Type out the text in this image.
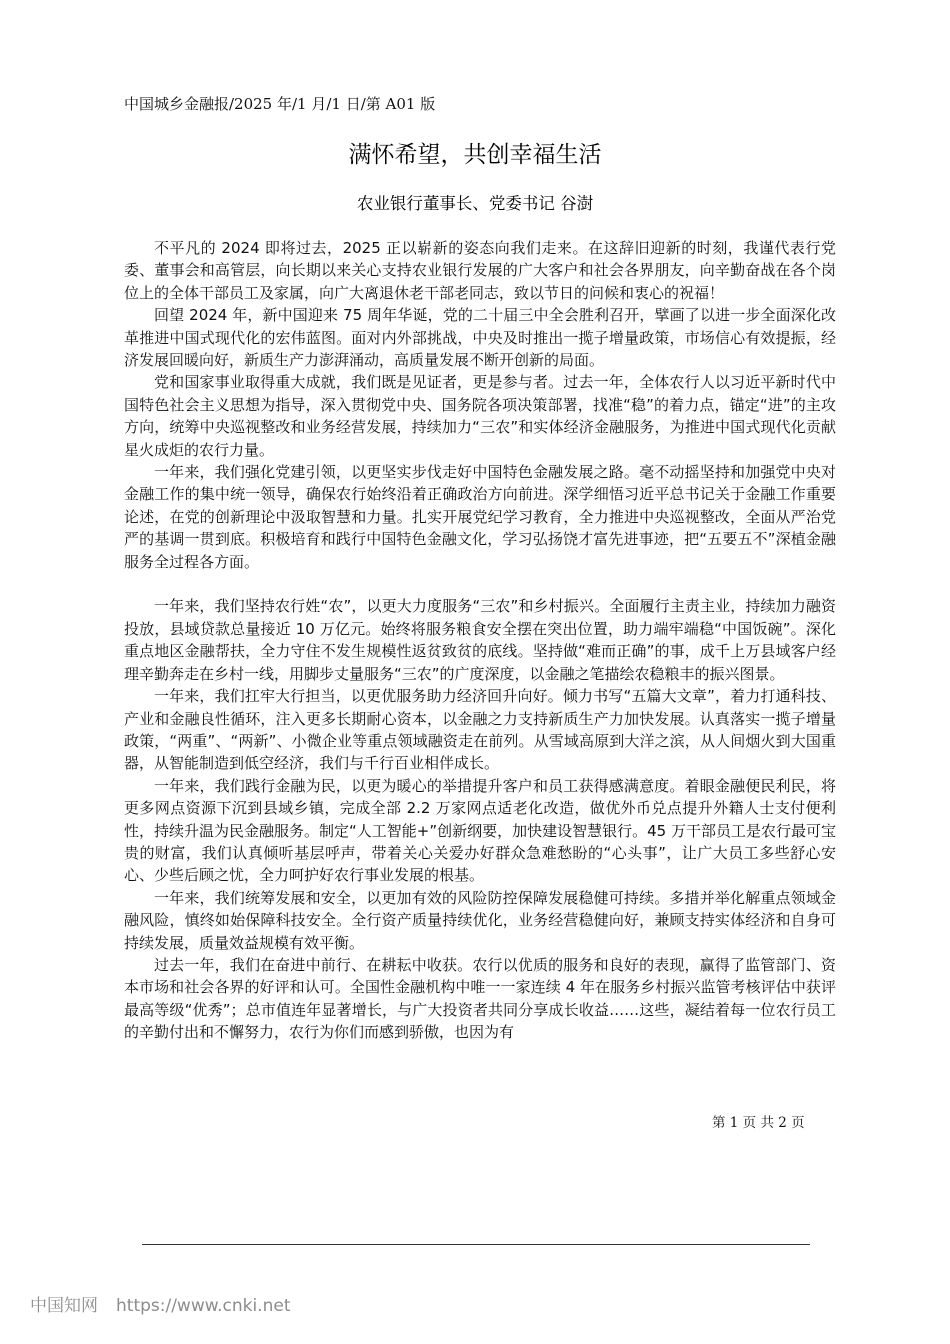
中国城乡金融报/2025 年/1 月/1 日/第 A01 版
满怀希望，共创幸福生活
农业银行董事长、党委书记 谷澍

不平凡的 2024 即将过去，2025 正以崭新的姿态向我们走来。在这辞旧迎新的时刻，我谨代表行党委、董事会和高管层，向长期以来关心支持农业银行发展的广大客户和社会各界朋友，向辛勤奋战在各个岗位上的全体干部员工及家属，向广大离退休老干部老同志，致以节日的问候和衷心的祝福！

回望 2024 年，新中国迎来 75 周年华诞，党的二十届三中全会胜利召开，擘画了以进一步全面深化改革推进中国式现代化的宏伟蓝图。面对内外部挑战，中央及时推出一揽子增量政策，市场信心有效提振，经济发展回暖向好，新质生产力澎湃涌动，高质量发展不断开创新的局面。

党和国家事业取得重大成就，我们既是见证者，更是参与者。过去一年，全体农行人以习近平新时代中国特色社会主义思想为指导，深入贯彻党中央、国务院各项决策部署，找准“稳”的着力点，锚定“进”的主攻方向，统筹中央巡视整改和业务经营发展，持续加力“三农”和实体经济金融服务，为推进中国式现代化贡献星火成炬的农行力量。

一年来，我们强化党建引领，以更坚实步伐走好中国特色金融发展之路。毫不动摇坚持和加强党中央对金融工作的集中统一领导，确保农行始终沿着正确政治方向前进。深学细悟习近平总书记关于金融工作重要论述，在党的创新理论中汲取智慧和力量。扎实开展党纪学习教育，全力推进中央巡视整改，全面从严治党严的基调一贯到底。积极培育和践行中国特色金融文化，学习弘扬饶才富先进事迹，把“五要五不”深植金融服务全过程各方面。

一年来，我们坚持农行姓“农”，以更大力度服务“三农”和乡村振兴。全面履行主责主业，持续加力融资投放，县域贷款总量接近 10 万亿元。始终将服务粮食安全摆在突出位置，助力端牢端稳“中国饭碗”。深化重点地区金融帮扶，全力守住不发生规模性返贫致贫的底线。坚持做“难而正确”的事，成千上万县域客户经理辛勤奔走在乡村一线，用脚步丈量服务“三农”的广度深度，以金融之笔描绘农稳粮丰的振兴图景。

一年来，我们扛牢大行担当，以更优服务助力经济回升向好。倾力书写“五篇大文章”，着力打通科技、产业和金融良性循环，注入更多长期耐心资本，以金融之力支持新质生产力加快发展。认真落实一揽子增量政策，“两重”、“两新”、小微企业等重点领域融资走在前列。从雪域高原到大洋之滨，从人间烟火到大国重器，从智能制造到低空经济，我们与千行百业相伴成长。

一年来，我们践行金融为民，以更为暖心的举措提升客户和员工获得感满意度。着眼金融便民利民，将更多网点资源下沉到县域乡镇，完成全部 2.2 万家网点适老化改造，做优外币兑点提升外籍人士支付便利性，持续升温为民金融服务。制定“人工智能+”创新纲要，加快建设智慧银行。45 万干部员工是农行最可宝贵的财富，我们认真倾听基层呼声，带着关心关爱办好群众急难愁盼的“心头事”，让广大员工多些舒心安心、少些后顾之忧，全力呵护好农行事业发展的根基。

一年来，我们统筹发展和安全，以更加有效的风险防控保障发展稳健可持续。多措并举化解重点领域金融风险，慎终如始保障科技安全。全行资产质量持续优化，业务经营稳健向好，兼顾支持实体经济和自身可持续发展，质量效益规模有效平衡。

过去一年，我们在奋进中前行、在耕耘中收获。农行以优质的服务和良好的表现，赢得了监管部门、资本市场和社会各界的好评和认可。全国性金融机构中唯一一家连续 4 年在服务乡村振兴监管考核评估中获评最高等级“优秀”；总市值连年显著增长，与广大投资者共同分享成长收益……这些，凝结着每一位农行员工的辛勤付出和不懈努力，农行为你们而感到骄傲，也因为有

第 1 页 共 2 页
中国知网 https://www.cnki.net
